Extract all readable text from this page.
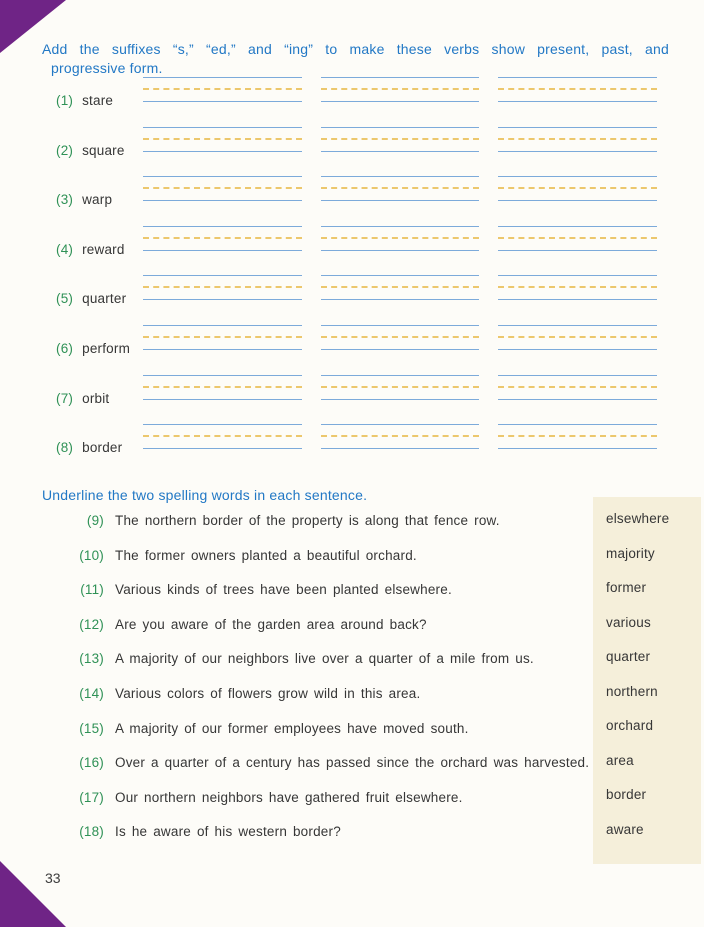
Add the suffixes “s,” “ed,” and “ing” to make these verbs show present, past, and
progressive form.
(1) stare
(2) square
(3) warp
(4) reward
(5) quarter
(6) perform
(7) orbit
(8) border
Underline the two spelling words in each sentence.
(9) The northern border of the property is along that fence row.
(10) The former owners planted a beautiful orchard.
(11) Various kinds of trees have been planted elsewhere.
(12) Are you aware of the garden area around back?
(13) A majority of our neighbors live over a quarter of a mile from us.
(14) Various colors of flowers grow wild in this area.
(15) A majority of our former employees have moved south.
(16) Over a quarter of a century has passed since the orchard was harvested.
(17) Our northern neighbors have gathered fruit elsewhere.
(18) Is he aware of his western border?
elsewhere
majority
former
various
quarter
northern
orchard
area
border
aware
33
